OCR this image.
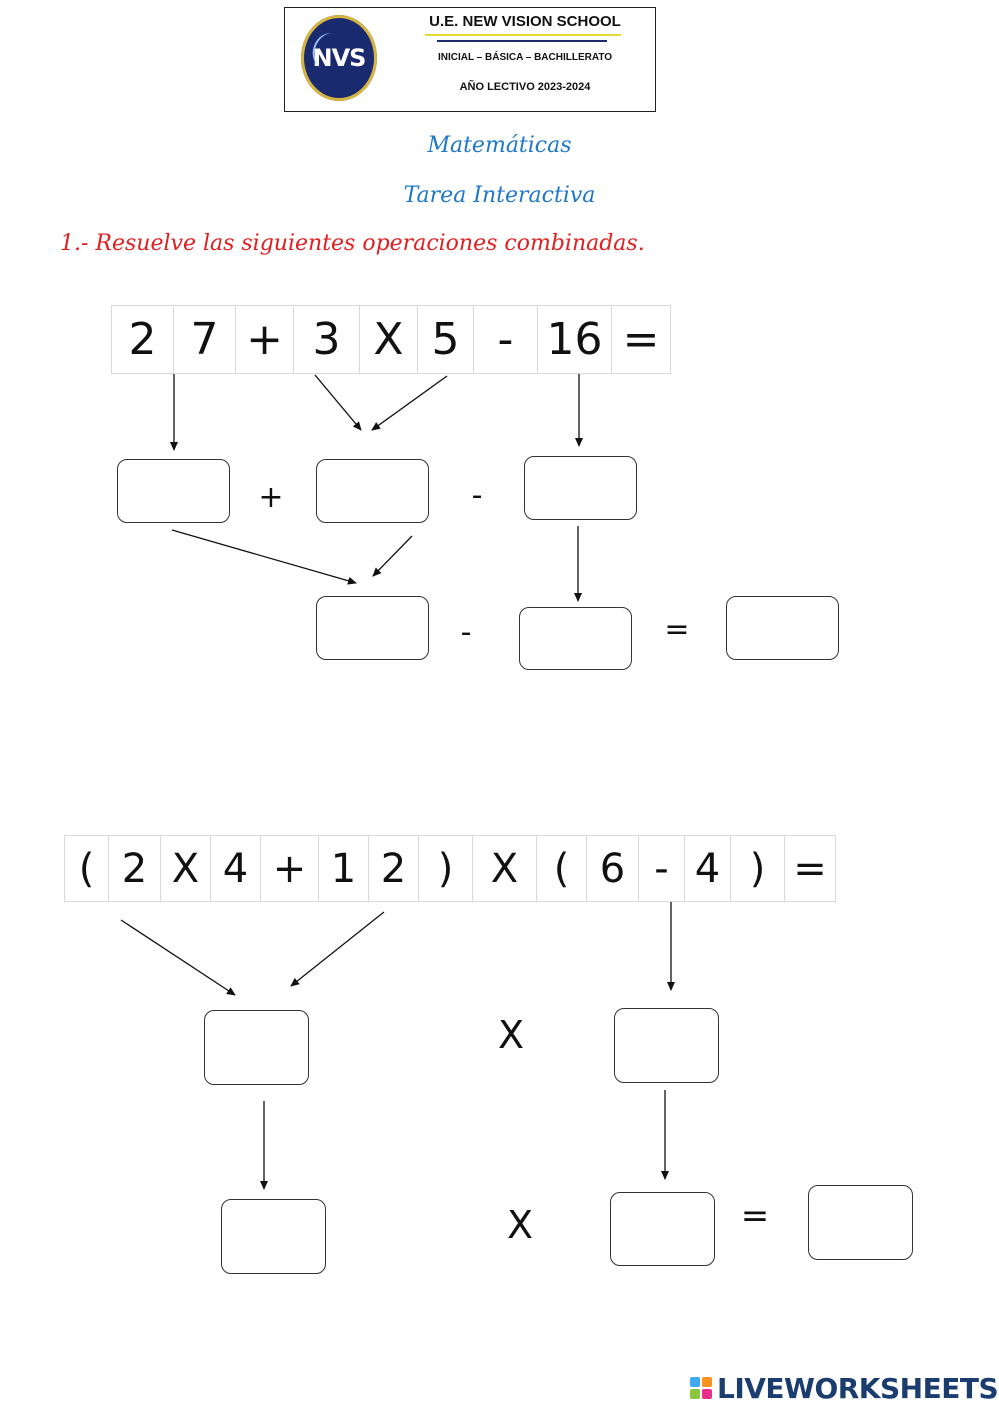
NVS
U.E. NEW VISION SCHOOL
INICIAL – BÁSICA – BACHILLERATO
AÑO LECTIVO 2023-2024
Matemáticas
Tarea Interactiva
1.- Resuelve las siguientes operaciones combinadas.
2 7 + 3 X 5 - 16 =
+	-
-	=
( 2 X 4 + 1 2 ) X ( 6 - 4 ) =
X
X	=
LIVEWORKSHEETS
